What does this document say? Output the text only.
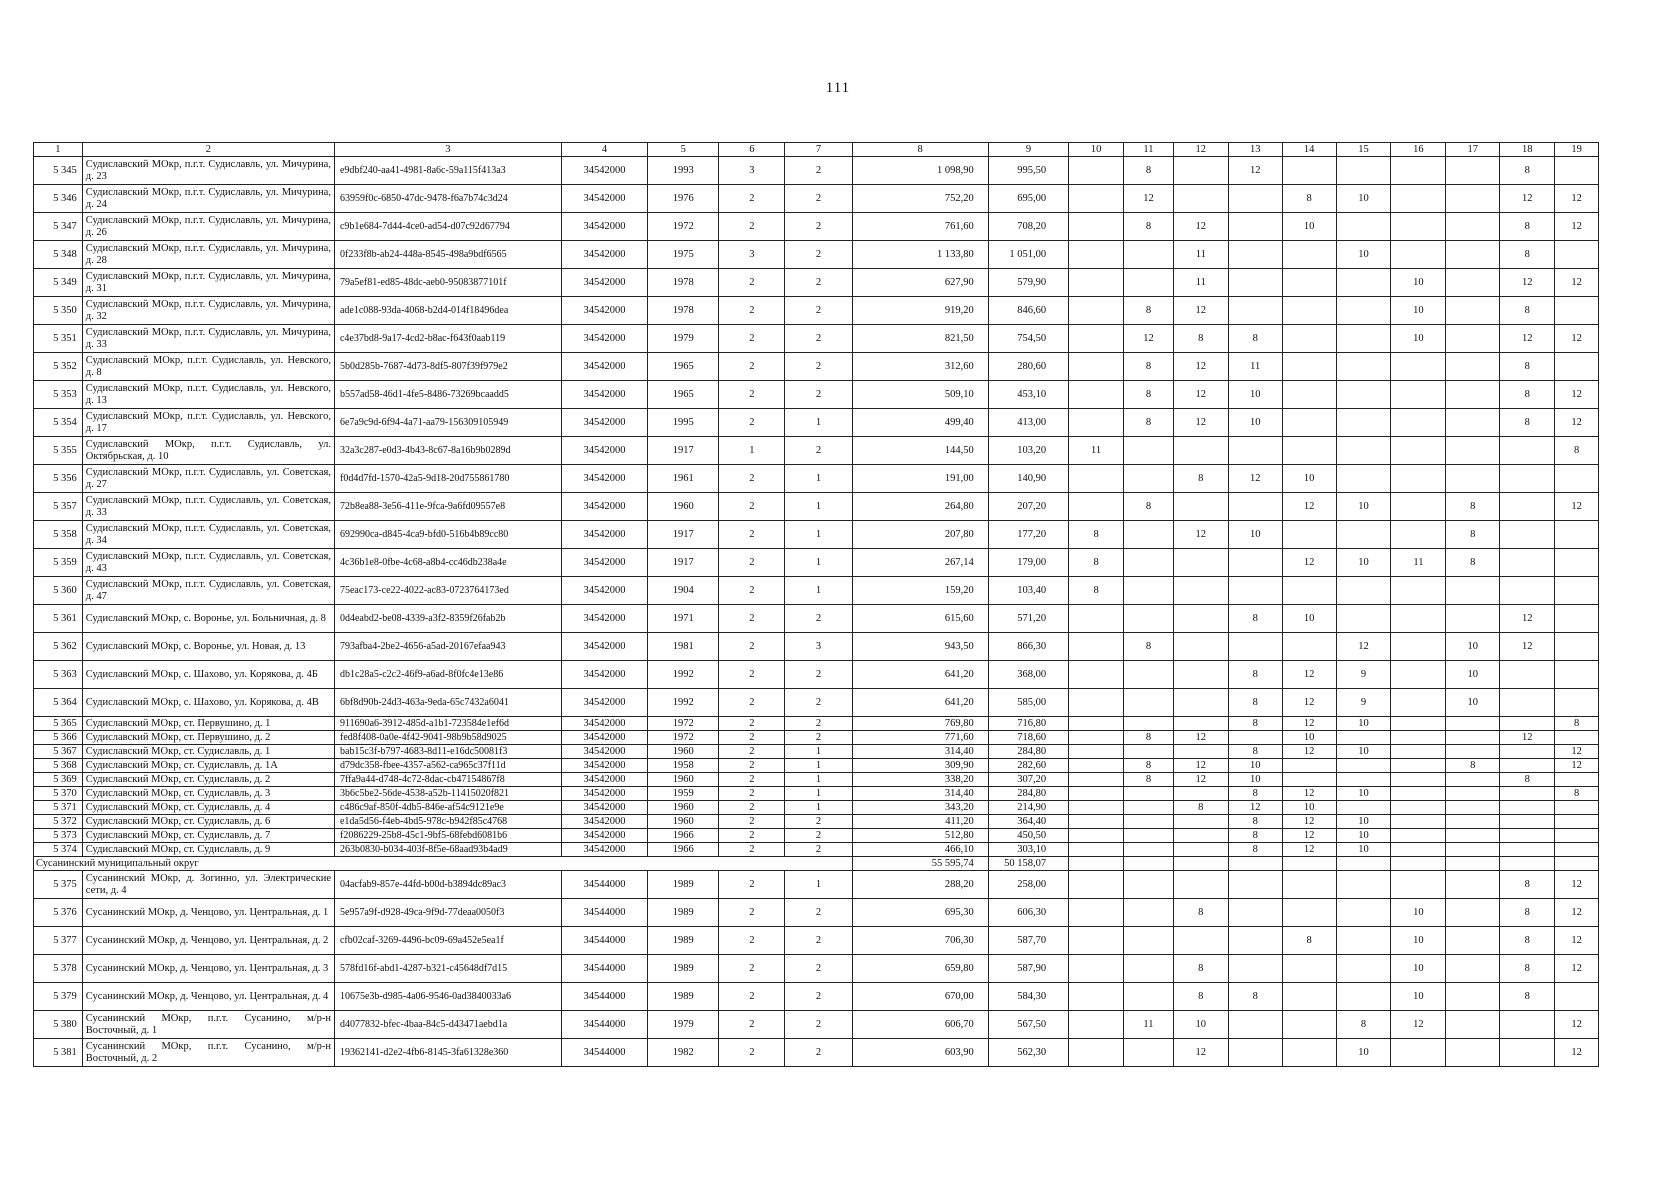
111
1	2	3	4	5	6	7	8	9	10	11	12	13	14	15	16	17	18	19
5 345	Судиславский МОкр, п.г.т. Судиславль, ул. Мичурина, д. 23	e9dbf240-aa41-4981-8a6c-59a115f413a3	34542000	1993	3	2	1 098,90	995,50		8		12					8	
5 346	Судиславский МОкр, п.г.т. Судиславль, ул. Мичурина, д. 24	63959f0c-6850-47dc-9478-f6a7b74c3d24	34542000	1976	2	2	752,20	695,00		12			8	10			12	12
5 347	Судиславский МОкр, п.г.т. Судиславль, ул. Мичурина, д. 26	c9b1e684-7d44-4ce0-ad54-d07c92d67794	34542000	1972	2	2	761,60	708,20		8	12		10				8	12
5 348	Судиславский МОкр, п.г.т. Судиславль, ул. Мичурина, д. 28	0f233f8b-ab24-448a-8545-498a9bdf6565	34542000	1975	3	2	1 133,80	1 051,00			11			10			8	
5 349	Судиславский МОкр, п.г.т. Судиславль, ул. Мичурина, д. 31	79a5ef81-ed85-48dc-aeb0-95083877101f	34542000	1978	2	2	627,90	579,90			11				10		12	12
5 350	Судиславский МОкр, п.г.т. Судиславль, ул. Мичурина, д. 32	ade1c088-93da-4068-b2d4-014f18496dea	34542000	1978	2	2	919,20	846,60		8	12				10		8	
5 351	Судиславский МОкр, п.г.т. Судиславль, ул. Мичурина, д. 33	c4e37bd8-9a17-4cd2-b8ac-f643f0aab119	34542000	1979	2	2	821,50	754,50		12	8	8			10		12	12
5 352	Судиславский МОкр, п.г.т. Судиславль, ул. Невского, д. 8	5b0d285b-7687-4d73-8df5-807f39f979e2	34542000	1965	2	2	312,60	280,60		8	12	11					8	
5 353	Судиславский МОкр, п.г.т. Судиславль, ул. Невского, д. 13	b557ad58-46d1-4fe5-8486-73269bcaadd5	34542000	1965	2	2	509,10	453,10		8	12	10					8	12
5 354	Судиславский МОкр, п.г.т. Судиславль, ул. Невского, д. 17	6e7a9c9d-6f94-4a71-aa79-156309105949	34542000	1995	2	1	499,40	413,00		8	12	10					8	12
5 355	Судиславский МОкр, п.г.т. Судиславль, ул. Октябрьская, д. 10	32a3c287-e0d3-4b43-8c67-8a16b9b0289d	34542000	1917	1	2	144,50	103,20	11									8
5 356	Судиславский МОкр, п.г.т. Судиславль, ул. Советская, д. 27	f0d4d7fd-1570-42a5-9d18-20d755861780	34542000	1961	2	1	191,00	140,90			8	12	10					
5 357	Судиславский МОкр, п.г.т. Судиславль, ул. Советская, д. 33	72b8ea88-3e56-411e-9fca-9a6fd09557e8	34542000	1960	2	1	264,80	207,20		8			12	10		8		12
5 358	Судиславский МОкр, п.г.т. Судиславль, ул. Советская, д. 34	692990ca-d845-4ca9-bfd0-516b4b89cc80	34542000	1917	2	1	207,80	177,20	8		12	10				8		
5 359	Судиславский МОкр, п.г.т. Судиславль, ул. Советская, д. 43	4c36b1e8-0fbe-4c68-a8b4-cc46db238a4e	34542000	1917	2	1	267,14	179,00	8				12	10	11	8		
5 360	Судиславский МОкр, п.г.т. Судиславль, ул. Советская, д. 47	75eac173-ce22-4022-ac83-0723764173ed	34542000	1904	2	1	159,20	103,40	8									
5 361	Судиславский МОкр, с. Воронье, ул. Больничная, д. 8	0d4eabd2-be08-4339-a3f2-8359f26fab2b	34542000	1971	2	2	615,60	571,20				8	10				12	
5 362	Судиславский МОкр, с. Воронье, ул. Новая, д. 13	793afba4-2be2-4656-a5ad-20167efaa943	34542000	1981	2	3	943,50	866,30		8				12		10	12	
5 363	Судиславский МОкр, с. Шахово, ул. Корякова, д. 4Б	db1c28a5-c2c2-46f9-a6ad-8f0fc4e13e86	34542000	1992	2	2	641,20	368,00				8	12	9		10		
5 364	Судиславский МОкр, с. Шахово, ул. Корякова, д. 4В	6bf8d90b-24d3-463a-9eda-65c7432a6041	34542000	1992	2	2	641,20	585,00				8	12	9		10		
5 365	Судиславский МОкр, ст. Первушино, д. 1	911690a6-3912-485d-a1b1-723584e1ef6d	34542000	1972	2	2	769,80	716,80				8	12	10				8
5 366	Судиславский МОкр, ст. Первушино, д. 2	fed8f408-0a0e-4f42-9041-98b9b58d9025	34542000	1972	2	2	771,60	718,60		8	12		10				12	
5 367	Судиславский МОкр, ст. Судиславль, д. 1	bab15c3f-b797-4683-8d11-e16dc50081f3	34542000	1960	2	1	314,40	284,80				8	12	10				12
5 368	Судиславский МОкр, ст. Судиславль, д. 1А	d79dc358-fbee-4357-a562-ca965c37f11d	34542000	1958	2	1	309,90	282,60		8	12	10				8		12
5 369	Судиславский МОкр, ст. Судиславль, д. 2	7ffa9a44-d748-4c72-8dac-cb47154867f8	34542000	1960	2	1	338,20	307,20		8	12	10					8	
5 370	Судиславский МОкр, ст. Судиславль, д. 3	3b6c5be2-56de-4538-a52b-11415020f821	34542000	1959	2	1	314,40	284,80				8	12	10				8
5 371	Судиславский МОкр, ст. Судиславль, д. 4	c486c9af-850f-4db5-846e-af54c9121e9e	34542000	1960	2	1	343,20	214,90			8	12	10					
5 372	Судиславский МОкр, ст. Судиславль, д. 6	e1da5d56-f4eb-4bd5-978c-b942f85c4768	34542000	1960	2	2	411,20	364,40				8	12	10				
5 373	Судиславский МОкр, ст. Судиславль, д. 7	f2086229-25b8-45c1-9bf5-68febd6081b6	34542000	1966	2	2	512,80	450,50				8	12	10				
5 374	Судиславский МОкр, ст. Судиславль, д. 9	263b0830-b034-403f-8f5e-68aad93b4ad9	34542000	1966	2	2	466,10	303,10				8	12	10				
Сусанинский муниципальный округ							55 595,74	50 158,07										
5 375	Сусанинский МОкр, д. Зогинно, ул. Электрические сети, д. 4	04acfab9-857e-44fd-b00d-b3894dc89ac3	34544000	1989	2	1	288,20	258,00									8	12
5 376	Сусанинский МОкр, д. Ченцово, ул. Центральная, д. 1	5e957a9f-d928-49ca-9f9d-77deaa0050f3	34544000	1989	2	2	695,30	606,30			8				10		8	12
5 377	Сусанинский МОкр, д. Ченцово, ул. Центральная, д. 2	cfb02caf-3269-4496-bc09-69a452e5ea1f	34544000	1989	2	2	706,30	587,70					8		10		8	12
5 378	Сусанинский МОкр, д. Ченцово, ул. Центральная, д. 3	578fd16f-abd1-4287-b321-c45648df7d15	34544000	1989	2	2	659,80	587,90			8				10		8	12
5 379	Сусанинский МОкр, д. Ченцово, ул. Центральная, д. 4	10675e3b-d985-4a06-9546-0ad3840033a6	34544000	1989	2	2	670,00	584,30			8	8			10		8	
5 380	Сусанинский МОкр, п.г.т. Сусанино, м/р-н Восточный, д. 1	d4077832-bfec-4baa-84c5-d43471aebd1a	34544000	1979	2	2	606,70	567,50		11	10			8	12			12
5 381	Сусанинский МОкр, п.г.т. Сусанино, м/р-н Восточный, д. 2	19362141-d2e2-4fb6-8145-3fa61328e360	34544000	1982	2	2	603,90	562,30			12			10				12
